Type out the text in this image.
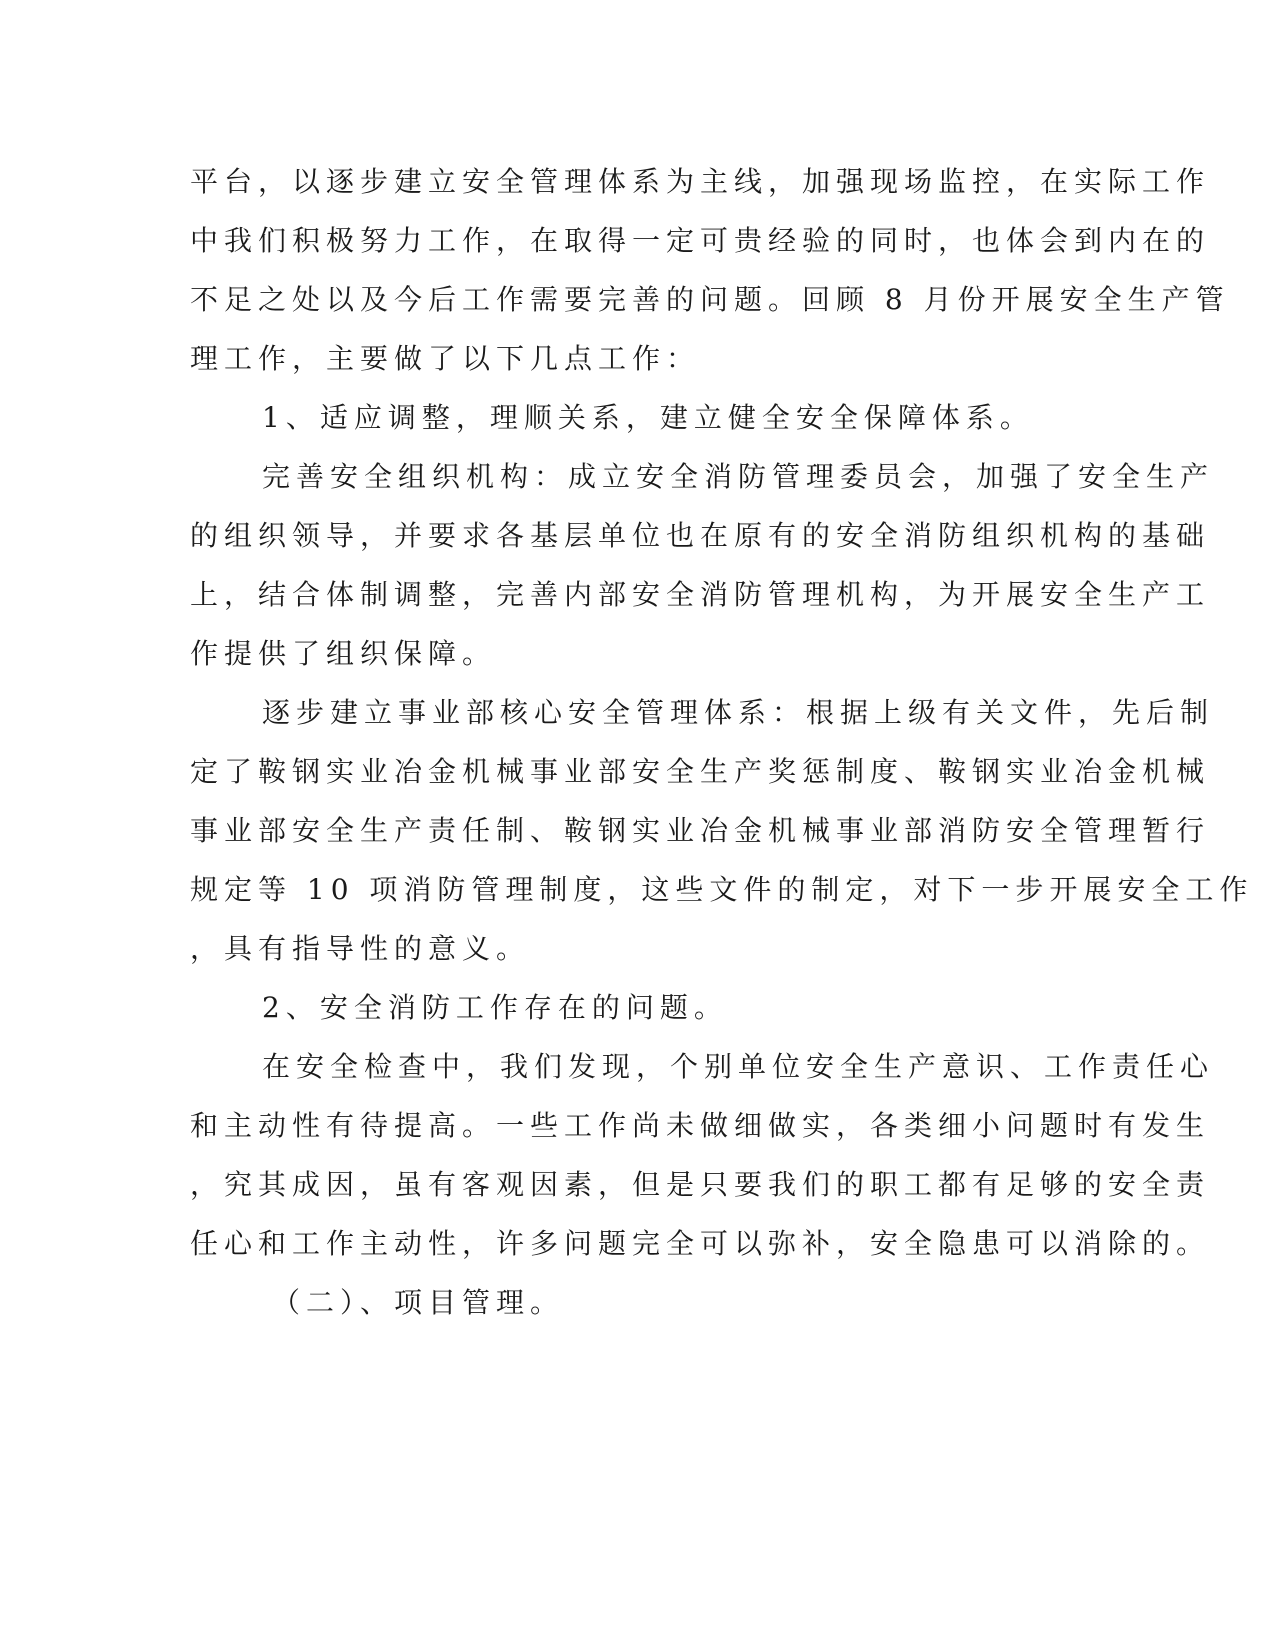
平台，以逐步建立安全管理体系为主线，加强现场监控，在实际工作
中我们积极努力工作，在取得一定可贵经验的同时，也体会到内在的
不足之处以及今后工作需要完善的问题。回顾 8 月份开展安全生产管
理工作，主要做了以下几点工作：
1、适应调整，理顺关系，建立健全安全保障体系。
完善安全组织机构：成立安全消防管理委员会，加强了安全生产
的组织领导，并要求各基层单位也在原有的安全消防组织机构的基础
上，结合体制调整，完善内部安全消防管理机构，为开展安全生产工
作提供了组织保障。
逐步建立事业部核心安全管理体系：根据上级有关文件，先后制
定了鞍钢实业冶金机械事业部安全生产奖惩制度、鞍钢实业冶金机械
事业部安全生产责任制、鞍钢实业冶金机械事业部消防安全管理暂行
规定等 10 项消防管理制度，这些文件的制定，对下一步开展安全工作
，具有指导性的意义。
2、安全消防工作存在的问题。
在安全检查中，我们发现，个别单位安全生产意识、工作责任心
和主动性有待提高。一些工作尚未做细做实，各类细小问题时有发生
，究其成因，虽有客观因素，但是只要我们的职工都有足够的安全责
任心和工作主动性，许多问题完全可以弥补，安全隐患可以消除的。
（二）、项目管理。
